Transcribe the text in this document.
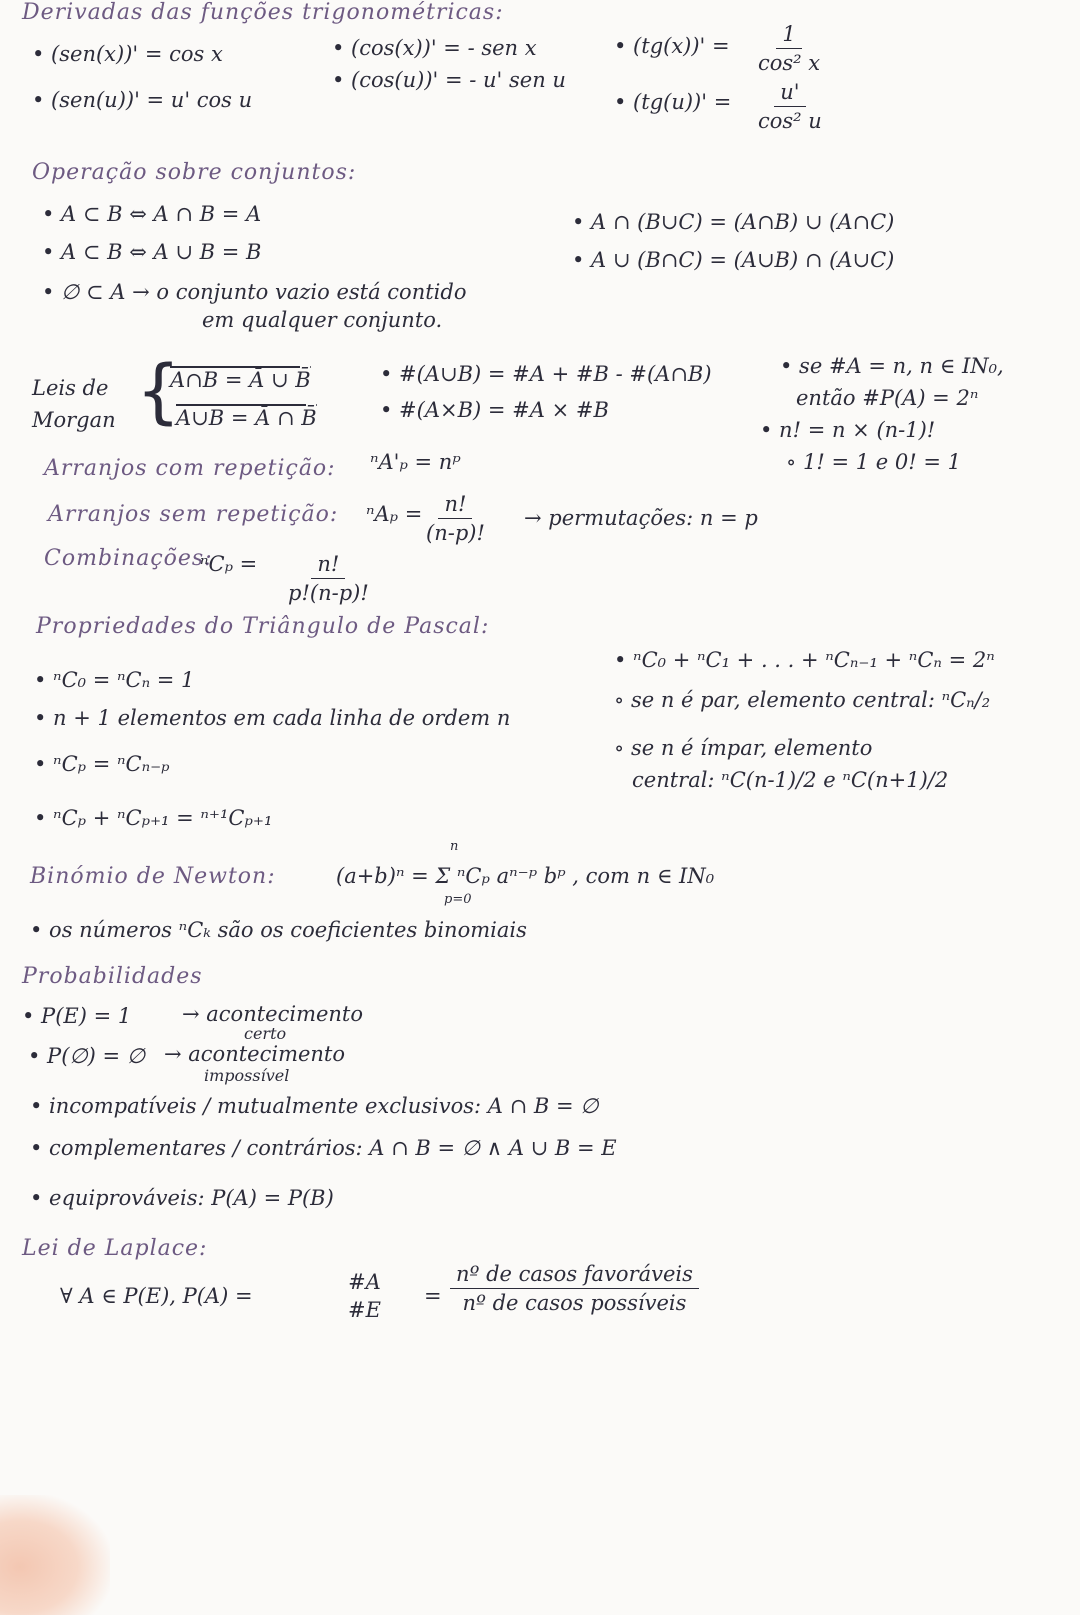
Derivadas das funções trigonométricas:
• (sen(x))' = cos x
• (sen(u))' = u' cos u
• (cos(x))' = - sen x
• (cos(u))' = - u' sen u
• $(tg(x))' = \frac{1}{\text{cos² x}}$
• $(tg(u))' = \frac{u'}{\text{cos² u}}$
Operação sobre conjuntos:
• A ⊂ B ⇔ A ∩ B = A
• A ⊂ B ⇔ A ∪ B = B
• ∅ ⊂ A → o conjunto vazio está contido
em qualquer conjunto.
• A ∩ (B∪C) = (A∩B) ∪ (A∩C)
• A ∪ (B∩C) = (A∪B) ∩ (A∪C)
Leis de
Morgan {
A∩B = Ā ∪ B̄
A∪B = Ā ∩ B̄
• #(A∪B) = #A + #B - #(A∩B)
• #(A×B) = #A × #B
• se #A = n, n ∈ IN₀,
então #P(A) = 2ⁿ
• n! = n × (n-1)!
∘ 1! = 1 e 0! = 1
Arranjos com repetição: ⁿA'ₚ = nᵖ
Arranjos sem repetição: ⁿAₚ =
$\frac{n!}{(n-p)!}$ → permutações: n = p
Combinações:
$^nC_p = \frac{n!}{p!(n-p)!}$
Propriedades do Triângulo de Pascal:
• ⁿC₀ = ⁿCₙ = 1
• n + 1 elementos em cada linha de ordem n
• ⁿCₚ = ⁿCₙ₋ₚ
• ⁿCₚ + ⁿCₚ₊₁ = ⁿ⁺¹Cₚ₊₁
• ⁿC₀ + ⁿC₁ + . . . + ⁿCₙ₋₁ + ⁿCₙ = 2ⁿ
∘ se n é par, elemento central: ⁿCₙ/₂
∘ se n é ímpar, elemento
central: ⁿC(n-1)/2 e ⁿC(n+1)/2
Binómio de Newton:	(a+b)ⁿ = Σ ⁿCₚ aⁿ⁻ᵖ bᵖ , com n ∈ IN₀
n
p=0
• os números ⁿCₖ são os coeficientes binomiais
Probabilidades
• P(E) = 1 → acontecimento
certo
• P(∅) = ∅ → acontecimento
impossível
• incompatíveis / mutualmente exclusivos: A ∩ B = ∅
• complementares / contrários: A ∩ B = ∅ ∧ A ∪ B = E
• equiprováveis: P(A) = P(B)
Lei de Laplace:
∀ A ∈ P(E), P(A) =
#A
#E
=
nº de casos favoráveis
nº de casos possíveis
